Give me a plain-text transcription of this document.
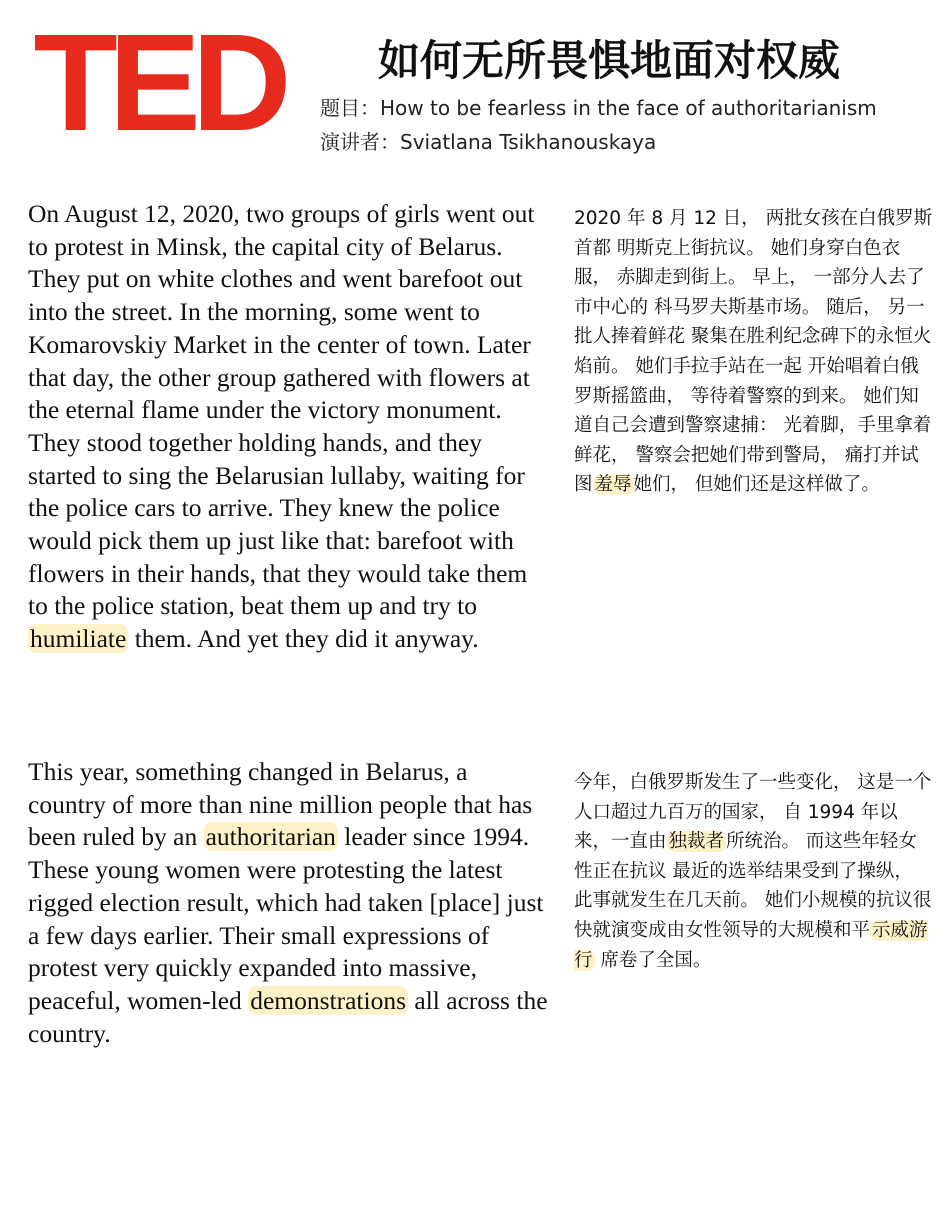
TED	如何无所畏惧地面对权威
题目：How to be fearless in the face of authoritarianism
演讲者：Sviatlana Tsikhanouskaya
On August 12, 2020, two groups of girls went out to protest in Minsk, the capital city of Belarus. They put on white clothes and went barefoot out into the street. In the morning, some went to Komarovskiy Market in the center of town. Later that day, the other group gathered with flowers at the eternal flame under the victory monument. They stood together holding hands, and they started to sing the Belarusian lullaby, waiting for the police cars to arrive. They knew the police would pick them up just like that: barefoot with flowers in their hands, that they would take them to the police station, beat them up and try to humiliate them. And yet they did it anyway.
2020 年 8 月 12 日， 两批女孩在白俄罗斯首都 明斯克上街抗议。 她们身穿白色衣服， 赤脚走到街上。 早上， 一部分人去了市中心的 科马罗夫斯基市场。 随后， 另一批人捧着鲜花 聚集在胜利纪念碑下的永恒火焰前。 她们手拉手站在一起 开始唱着白俄罗斯摇篮曲， 等待着警察的到来。 她们知道自己会遭到警察逮捕： 光着脚，手里拿着鲜花， 警察会把她们带到警局， 痛打并试图 羞辱 她们， 但她们还是这样做了。
This year, something changed in Belarus, a country of more than nine million people that has been ruled by an authoritarian leader since 1994. These young women were protesting the latest rigged election result, which had taken [place] just a few days earlier. Their small expressions of protest very quickly expanded into massive, peaceful, women-led demonstrations all across the country.
今年，白俄罗斯发生了一些变化， 这是一个人口超过九百万的国家， 自 1994 年以来，一直由 独裁者 所统治。 而这些年轻女性正在抗议 最近的选举结果受到了操纵， 此事就发生在几天前。 她们小规模的抗议很快就演变成由女性领导的大规模和平 示威游行 席卷了全国。
